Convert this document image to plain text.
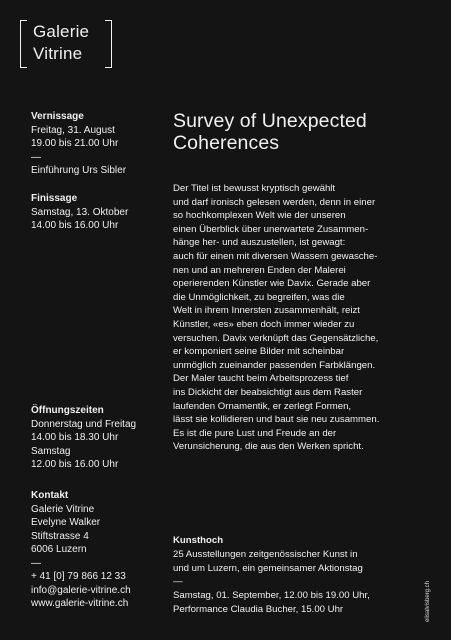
Galerie
Vitrine
Vernissage
Freitag, 31. August
19.00 bis 21.00 Uhr
—
Einführung Urs Sibler
Finissage
Samstag, 13. Oktober
14.00 bis 16.00 Uhr
Öffnungszeiten
Donnerstag und Freitag
14.00 bis 18.30 Uhr
Samstag
12.00 bis 16.00 Uhr
Kontakt
Galerie Vitrine
Evelyne Walker
Stiftstrasse 4
6006 Luzern
—
+ 41 [0] 79 866 12 33
info@galerie-vitrine.ch
www.galerie-vitrine.ch
Survey of Unexpected
Coherences
Der Titel ist bewusst kryptisch gewählt
und darf ironisch gelesen werden, denn in einer
so hochkomplexen Welt wie der unseren
einen Überblick über unerwartete Zusammen-
hänge her- und auszustellen, ist gewagt:
auch für einen mit diversen Wassern gewasche-
nen und an mehreren Enden der Malerei
operierenden Künstler wie Davix. Gerade aber
die Unmöglichkeit, zu begreifen, was die
Welt in ihrem Innersten zusammenhält, reizt
Künstler, «es» eben doch immer wieder zu
versuchen. Davix verknüpft das Gegensätzliche,
er komponiert seine Bilder mit scheinbar
unmöglich zueinander passenden Farbklängen.
Der Maler taucht beim Arbeitsprozess tief
ins Dickicht der beabsichtigt aus dem Raster
laufenden Ornamentik, er zerlegt Formen,
lässt sie kollidieren und baut sie neu zusammen.
Es ist die pure Lust und Freude an der
Verunsicherung, die aus den Werken spricht.
Kunsthoch
25 Ausstellungen zeitgenössischer Kunst in
und um Luzern, ein gemeinsamer Aktionstag
—
Samstag, 01. September, 12.00 bis 19.00 Uhr,
Performance Claudia Bucher, 15.00 Uhr	elisalvisberg.ch
